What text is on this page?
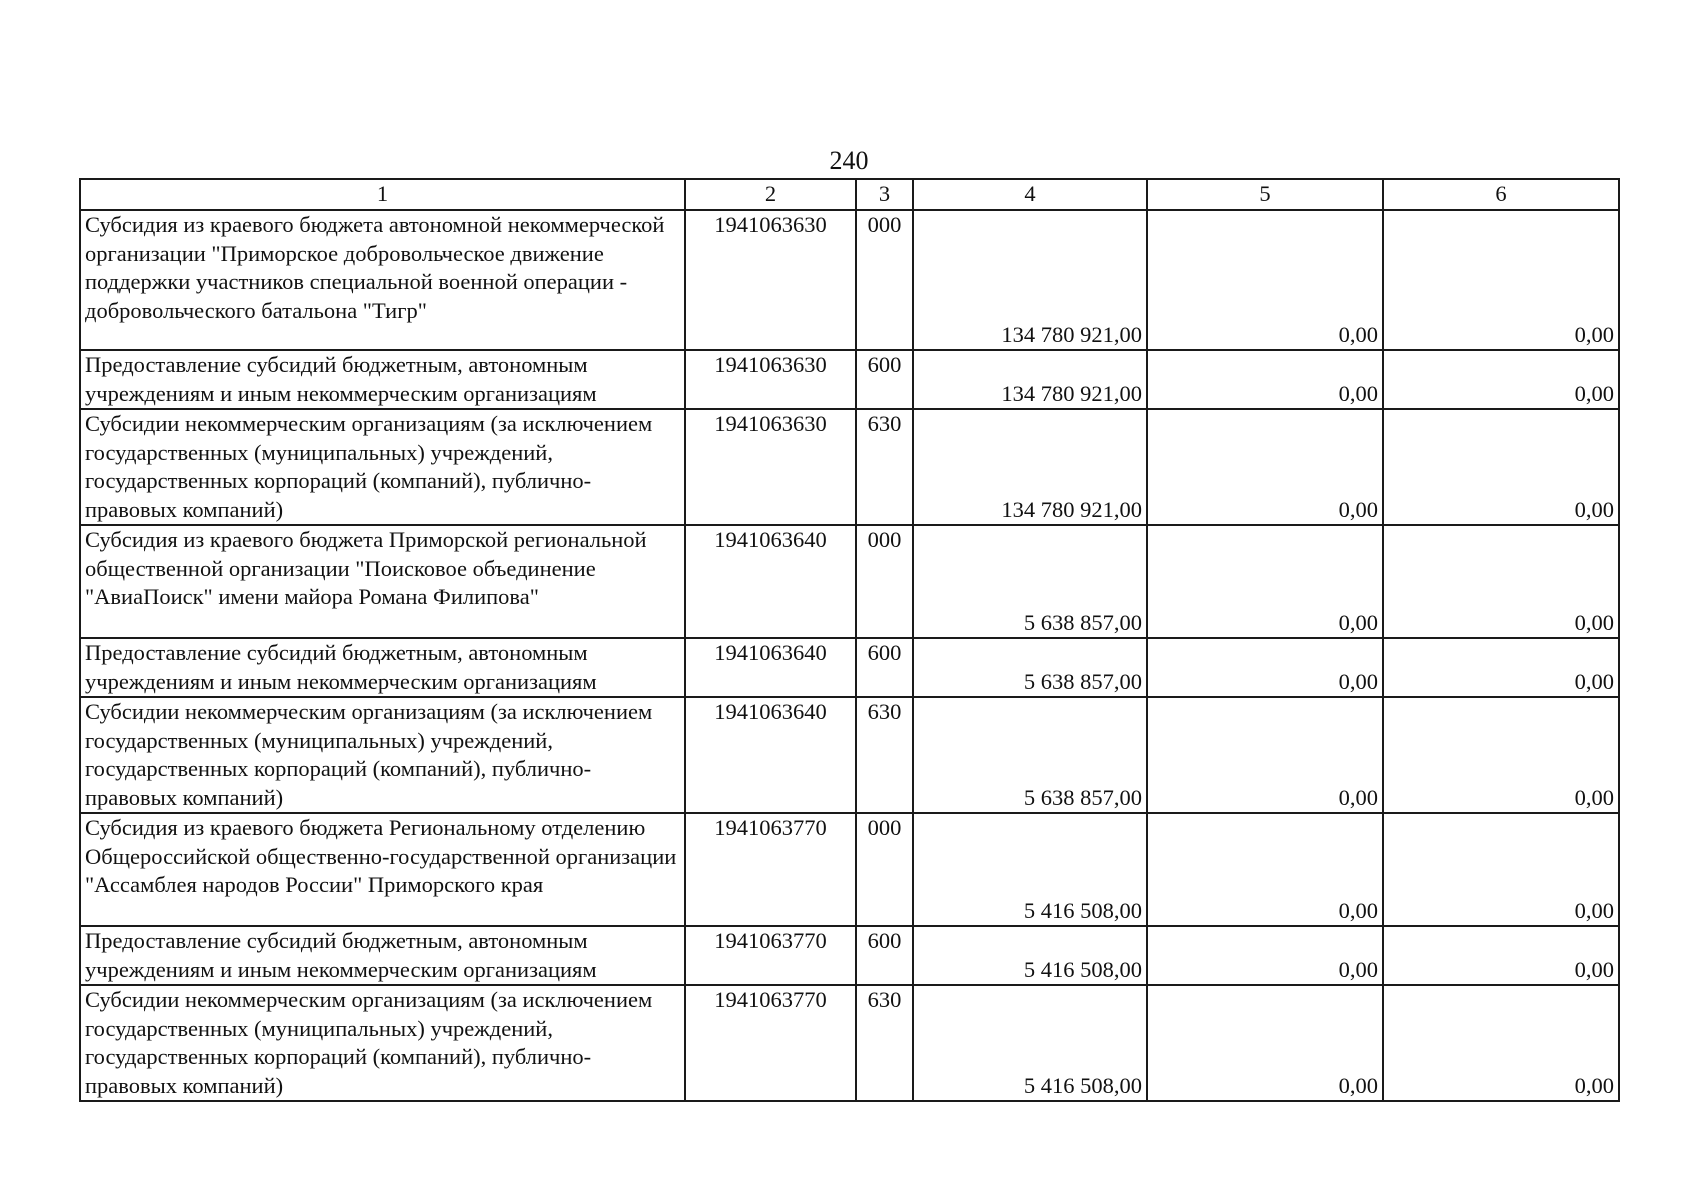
240
1	2	3	4	5	6
Субсидия из краевого бюджета автономной некоммерческой организации "Приморское добровольческое движение поддержки участников специальной военной операции - добровольческого батальона "Тигр"	1941063630	000	134 780 921,00	0,00	0,00
Предоставление субсидий бюджетным, автономным учреждениям и иным некоммерческим организациям	1941063630	600	134 780 921,00	0,00	0,00
Субсидии некоммерческим организациям (за исключением государственных (муниципальных) учреждений, государственных корпораций (компаний), публично-правовых компаний)	1941063630	630	134 780 921,00	0,00	0,00
Субсидия из краевого бюджета Приморской региональной общественной организации "Поисковое объединение "АвиаПоиск" имени майора Романа Филипова"	1941063640	000	5 638 857,00	0,00	0,00
Предоставление субсидий бюджетным, автономным учреждениям и иным некоммерческим организациям	1941063640	600	5 638 857,00	0,00	0,00
Субсидии некоммерческим организациям (за исключением государственных (муниципальных) учреждений, государственных корпораций (компаний), публично-правовых компаний)	1941063640	630	5 638 857,00	0,00	0,00
Субсидия из краевого бюджета Региональному отделению Общероссийской общественно-государственной организации "Ассамблея народов России" Приморского края	1941063770	000	5 416 508,00	0,00	0,00
Предоставление субсидий бюджетным, автономным учреждениям и иным некоммерческим организациям	1941063770	600	5 416 508,00	0,00	0,00
Субсидии некоммерческим организациям (за исключением государственных (муниципальных) учреждений, государственных корпораций (компаний), публично-правовых компаний)	1941063770	630	5 416 508,00	0,00	0,00
